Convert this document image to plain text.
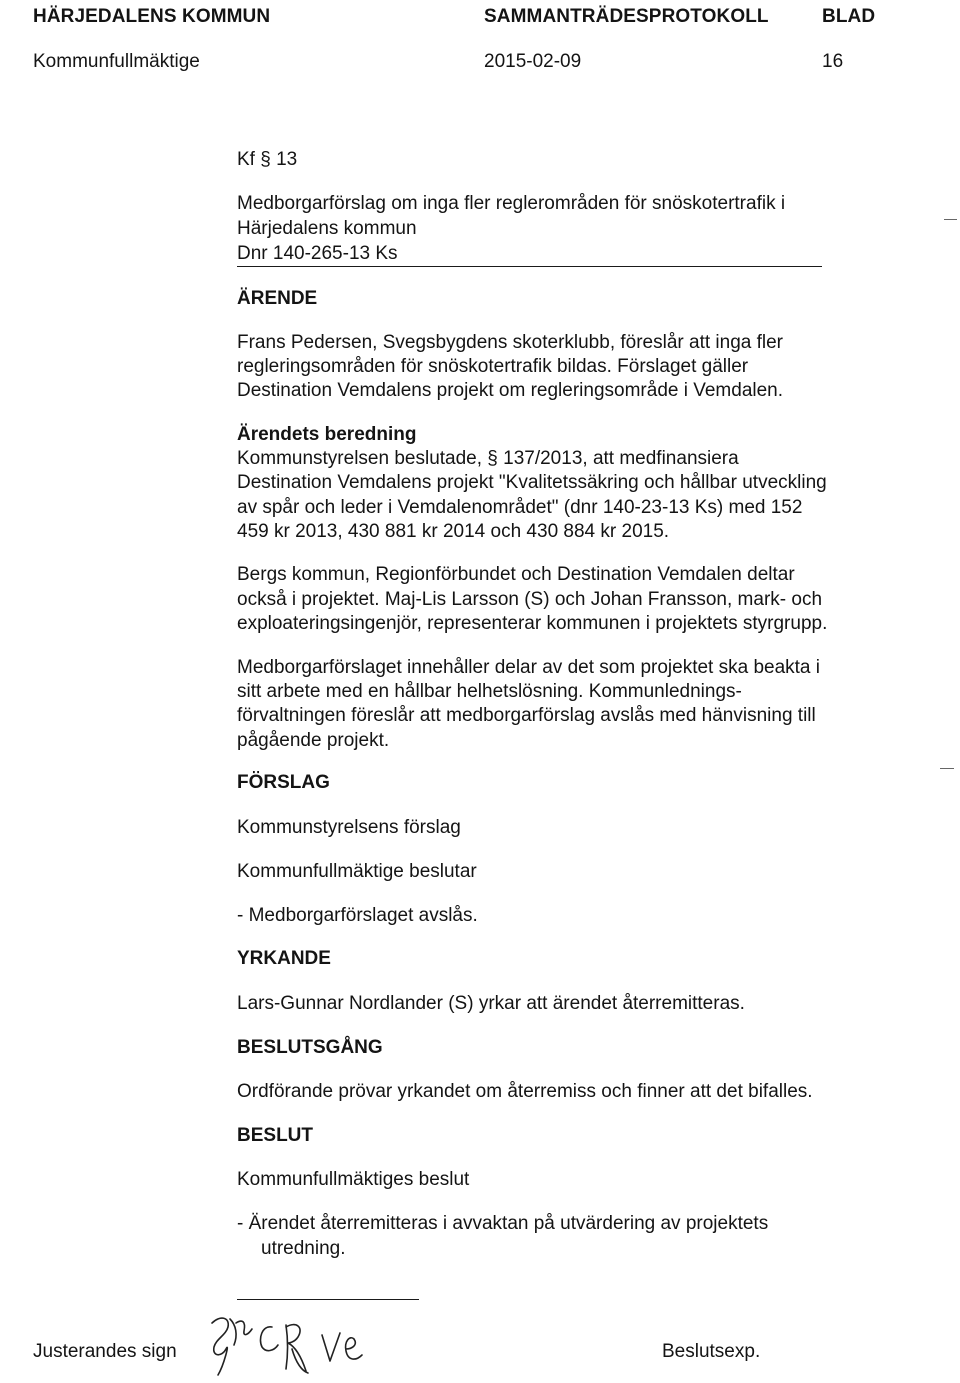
HÄRJEDALENS KOMMUN	SAMMANTRÄDESPROTOKOLL	BLAD
Kommunfullmäktige	2015-02-09	16
Kf § 13
Medborgarförslag om inga fler reglerområden för snöskotertrafik i
Härjedalens kommun
Dnr 140-265-13 Ks
ÄRENDE
Frans Pedersen, Svegsbygdens skoterklubb, föreslår att inga fler
regleringsområden för snöskotertrafik bildas. Förslaget gäller
Destination Vemdalens projekt om regleringsområde i Vemdalen.
Ärendets beredning
Kommunstyrelsen beslutade, § 137/2013, att medfinansiera
Destination Vemdalens projekt "Kvalitetssäkring och hållbar utveckling
av spår och leder i Vemdalenområdet" (dnr 140-23-13 Ks) med 152
459 kr 2013, 430 881 kr 2014 och 430 884 kr 2015.
Bergs kommun, Regionförbundet och Destination Vemdalen deltar
också i projektet. Maj-Lis Larsson (S) och Johan Fransson, mark- och
exploateringsingenjör, representerar kommunen i projektets styrgrupp.
Medborgarförslaget innehåller delar av det som projektet ska beakta i
sitt arbete med en hållbar helhetslösning. Kommunlednings-
förvaltningen föreslår att medborgarförslag avslås med hänvisning till
pågående projekt.
FÖRSLAG
Kommunstyrelsens förslag
Kommunfullmäktige beslutar
- Medborgarförslaget avslås.
YRKANDE
Lars-Gunnar Nordlander (S) yrkar att ärendet återremitteras.
BESLUTSGÅNG
Ordförande prövar yrkandet om återremiss och finner att det bifalles.
BESLUT
Kommunfullmäktiges beslut
- Ärendet återremitteras i avvaktan på utvärdering av projektets
utredning.
Justerandes sign	Beslutsexp.
